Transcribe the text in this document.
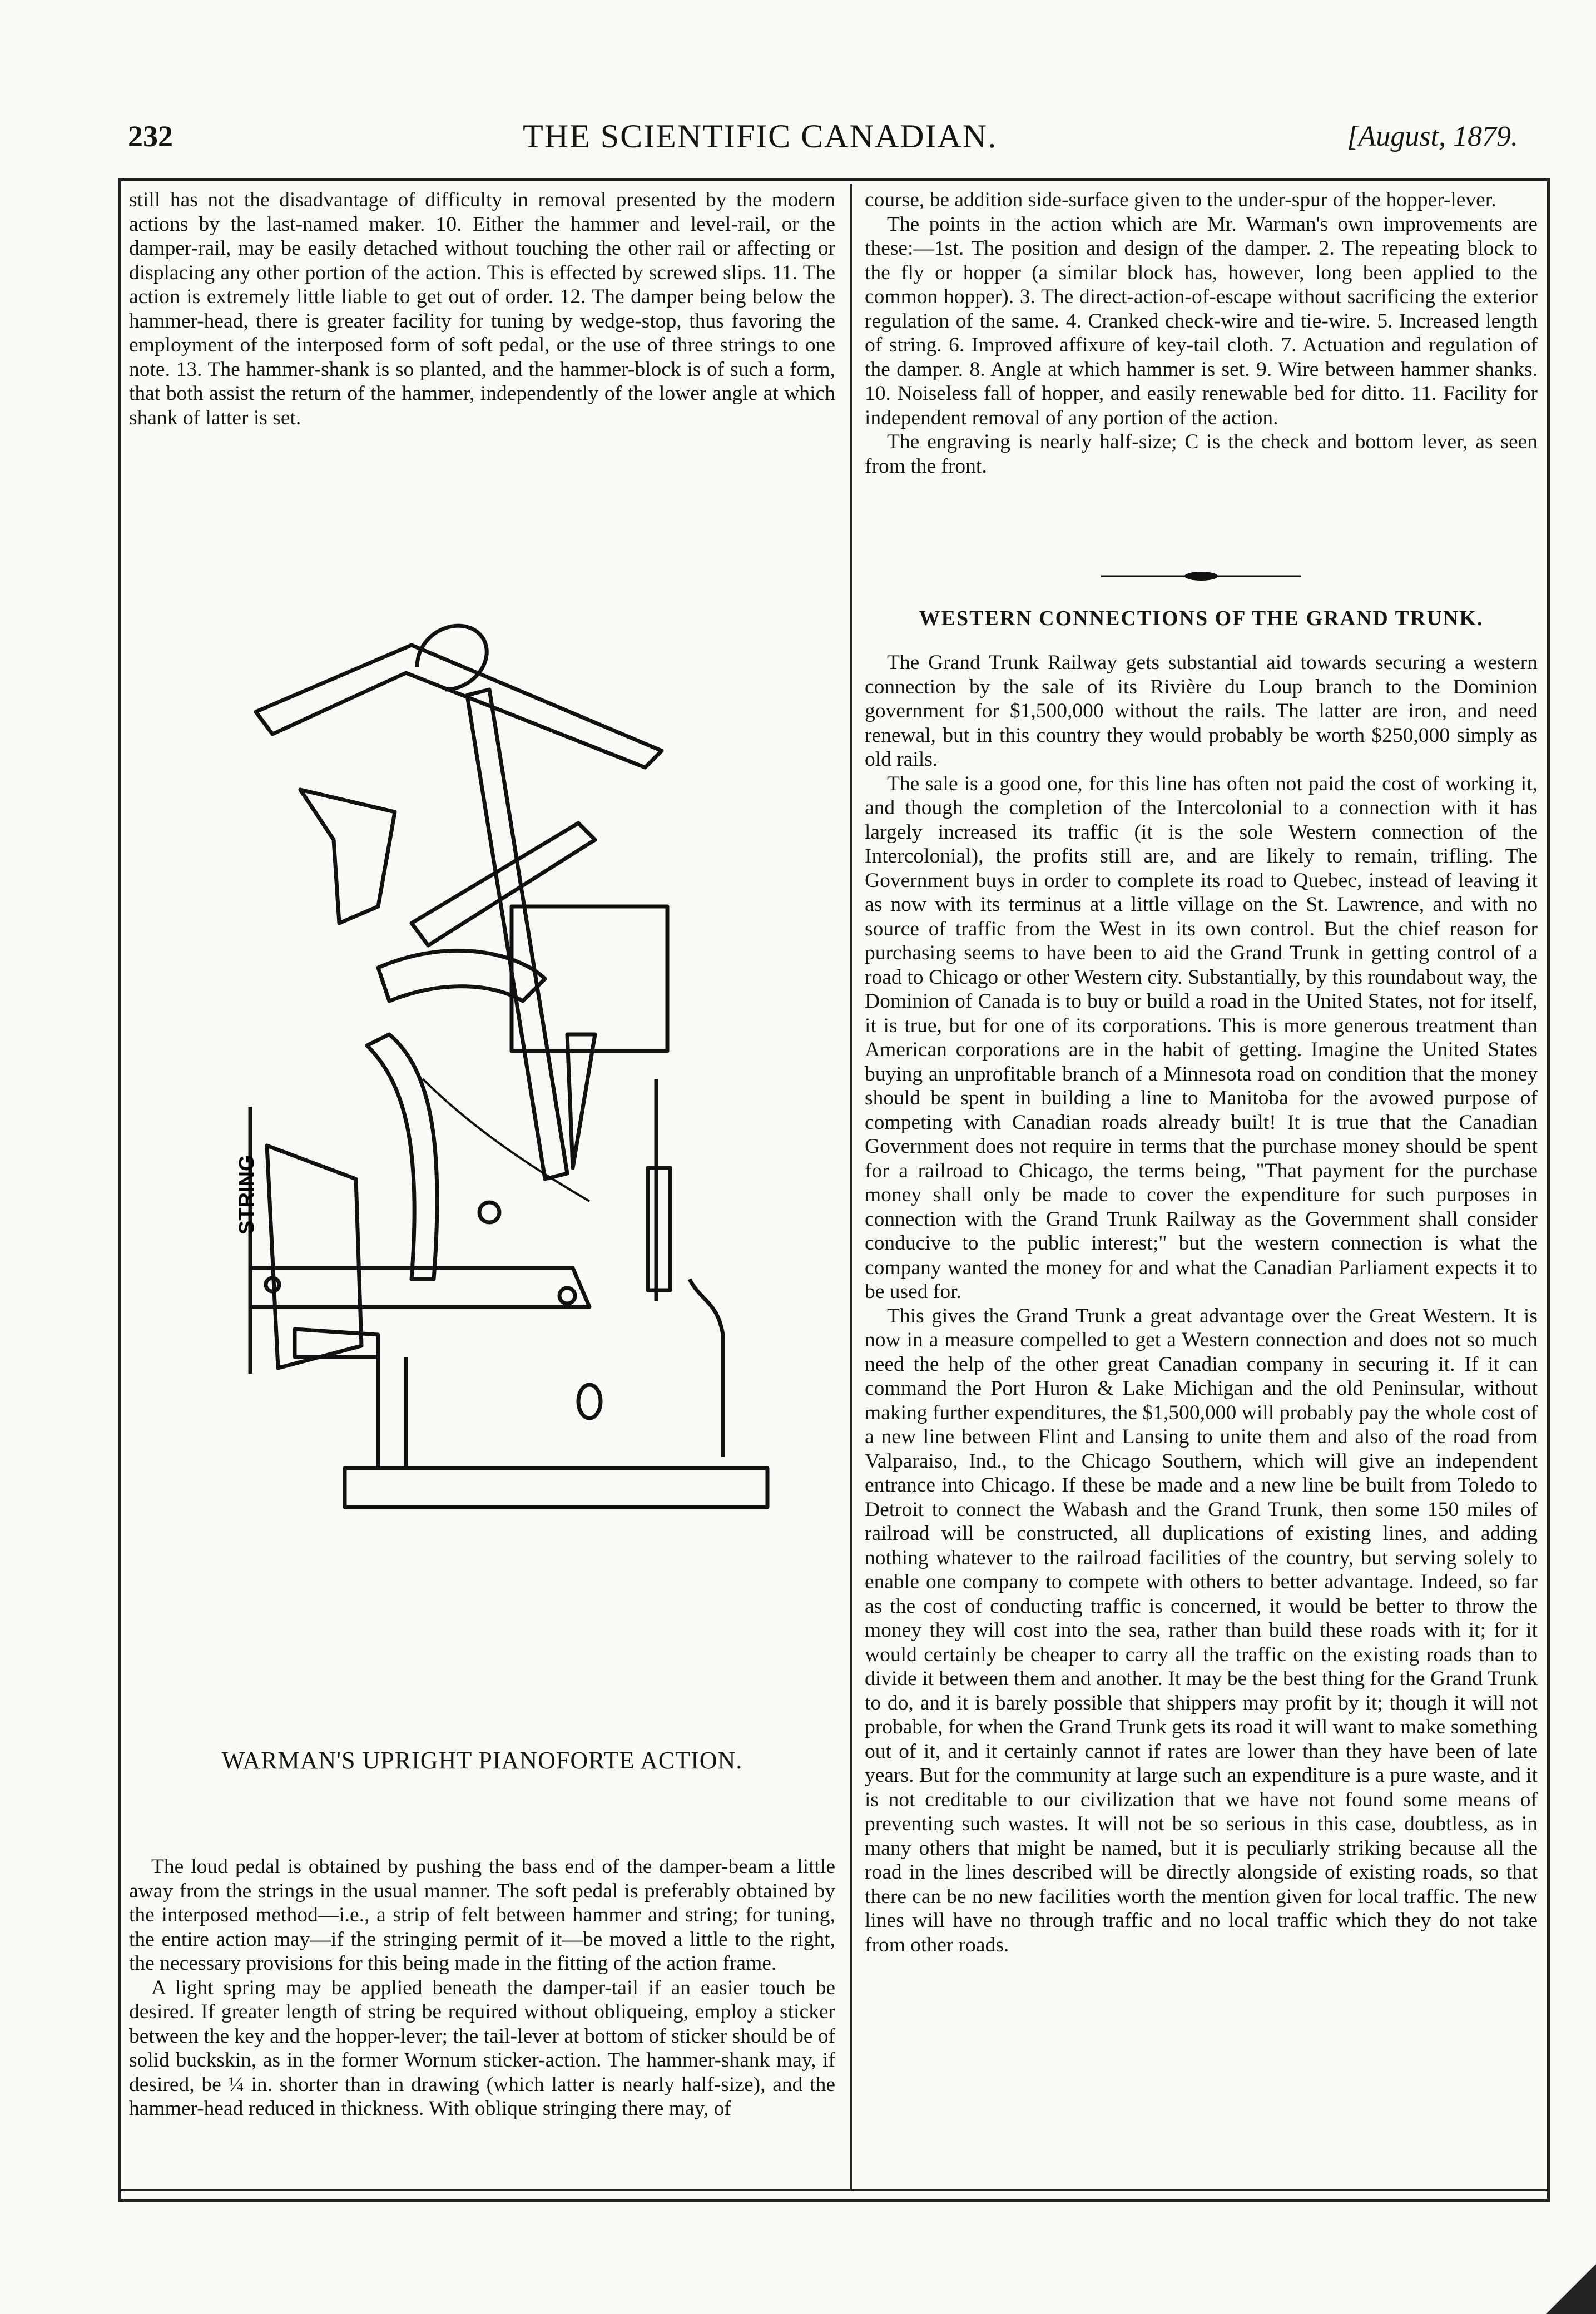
232	THE SCIENTIFIC CANADIAN.	[August, 1879.

still has not the disadvantage of difficulty in removal presented by the modern actions by the last-named maker. 10. Either the hammer and level-rail, or the damper-rail, may be easily detached without touching the other rail or affecting or displacing any other portion of the action. This is effected by screwed slips. 11. The action is extremely little liable to get out of order. 12. The damper being below the hammer-head, there is greater facility for tuning by wedge-stop, thus favoring the employment of the interposed form of soft pedal, or the use of three strings to one note. 13. The hammer-shank is so planted, and the hammer-block is of such a form, that both assist the return of the hammer, independently of the lower angle at which shank of latter is set.

STRING
WARMAN'S UPRIGHT PIANOFORTE ACTION.

The loud pedal is obtained by pushing the bass end of the damper-beam a little away from the strings in the usual manner. The soft pedal is preferably obtained by the interposed method—i.e., a strip of felt between hammer and string; for tuning, the entire action may—if the stringing permit of it—be moved a little to the right, the necessary provisions for this being made in the fitting of the action frame.

A light spring may be applied beneath the damper-tail if an easier touch be desired. If greater length of string be required without obliqueing, employ a sticker between the key and the hopper-lever; the tail-lever at bottom of sticker should be of solid buckskin, as in the former Wornum sticker-action. The hammer-shank may, if desired, be ¼ in. shorter than in drawing (which latter is nearly half-size), and the hammer-head reduced in thickness. With oblique stringing there may, of

course, be addition side-surface given to the under-spur of the hopper-lever.

The points in the action which are Mr. Warman's own improvements are these:—1st. The position and design of the damper. 2. The repeating block to the fly or hopper (a similar block has, however, long been applied to the common hopper). 3. The direct-action-of-escape without sacrificing the exterior regulation of the same. 4. Cranked check-wire and tie-wire. 5. Increased length of string. 6. Improved affixure of key-tail cloth. 7. Actuation and regulation of the damper. 8. Angle at which hammer is set. 9. Wire between hammer shanks. 10. Noiseless fall of hopper, and easily renewable bed for ditto. 11. Facility for independent removal of any portion of the action.

The engraving is nearly half-size; C is the check and bottom lever, as seen from the front.

WESTERN CONNECTIONS OF THE GRAND TRUNK.

The Grand Trunk Railway gets substantial aid towards securing a western connection by the sale of its Rivière du Loup branch to the Dominion government for $1,500,000 without the rails. The latter are iron, and need renewal, but in this country they would probably be worth $250,000 simply as old rails.

The sale is a good one, for this line has often not paid the cost of working it, and though the completion of the Intercolonial to a connection with it has largely increased its traffic (it is the sole Western connection of the Intercolonial), the profits still are, and are likely to remain, trifling. The Government buys in order to complete its road to Quebec, instead of leaving it as now with its terminus at a little village on the St. Lawrence, and with no source of traffic from the West in its own control. But the chief reason for purchasing seems to have been to aid the Grand Trunk in getting control of a road to Chicago or other Western city. Substantially, by this roundabout way, the Dominion of Canada is to buy or build a road in the United States, not for itself, it is true, but for one of its corporations. This is more generous treatment than American corporations are in the habit of getting. Imagine the United States buying an unprofitable branch of a Minnesota road on condition that the money should be spent in building a line to Manitoba for the avowed purpose of competing with Canadian roads already built! It is true that the Canadian Government does not require in terms that the purchase money should be spent for a railroad to Chicago, the terms being, "That payment for the purchase money shall only be made to cover the expenditure for such purposes in connection with the Grand Trunk Railway as the Government shall consider conducive to the public interest;" but the western connection is what the company wanted the money for and what the Canadian Parliament expects it to be used for.

This gives the Grand Trunk a great advantage over the Great Western. It is now in a measure compelled to get a Western connection and does not so much need the help of the other great Canadian company in securing it. If it can command the Port Huron & Lake Michigan and the old Peninsular, without making further expenditures, the $1,500,000 will probably pay the whole cost of a new line between Flint and Lansing to unite them and also of the road from Valparaiso, Ind., to the Chicago Southern, which will give an independent entrance into Chicago. If these be made and a new line be built from Toledo to Detroit to connect the Wabash and the Grand Trunk, then some 150 miles of railroad will be constructed, all duplications of existing lines, and adding nothing whatever to the railroad facilities of the country, but serving solely to enable one company to compete with others to better advantage. Indeed, so far as the cost of conducting traffic is concerned, it would be better to throw the money they will cost into the sea, rather than build these roads with it; for it would certainly be cheaper to carry all the traffic on the existing roads than to divide it between them and another. It may be the best thing for the Grand Trunk to do, and it is barely possible that shippers may profit by it; though it will not probable, for when the Grand Trunk gets its road it will want to make something out of it, and it certainly cannot if rates are lower than they have been of late years. But for the community at large such an expenditure is a pure waste, and it is not creditable to our civilization that we have not found some means of preventing such wastes. It will not be so serious in this case, doubtless, as in many others that might be named, but it is peculiarly striking because all the road in the lines described will be directly alongside of existing roads, so that there can be no new facilities worth the mention given for local traffic. The new lines will have no through traffic and no local traffic which they do not take from other roads.
